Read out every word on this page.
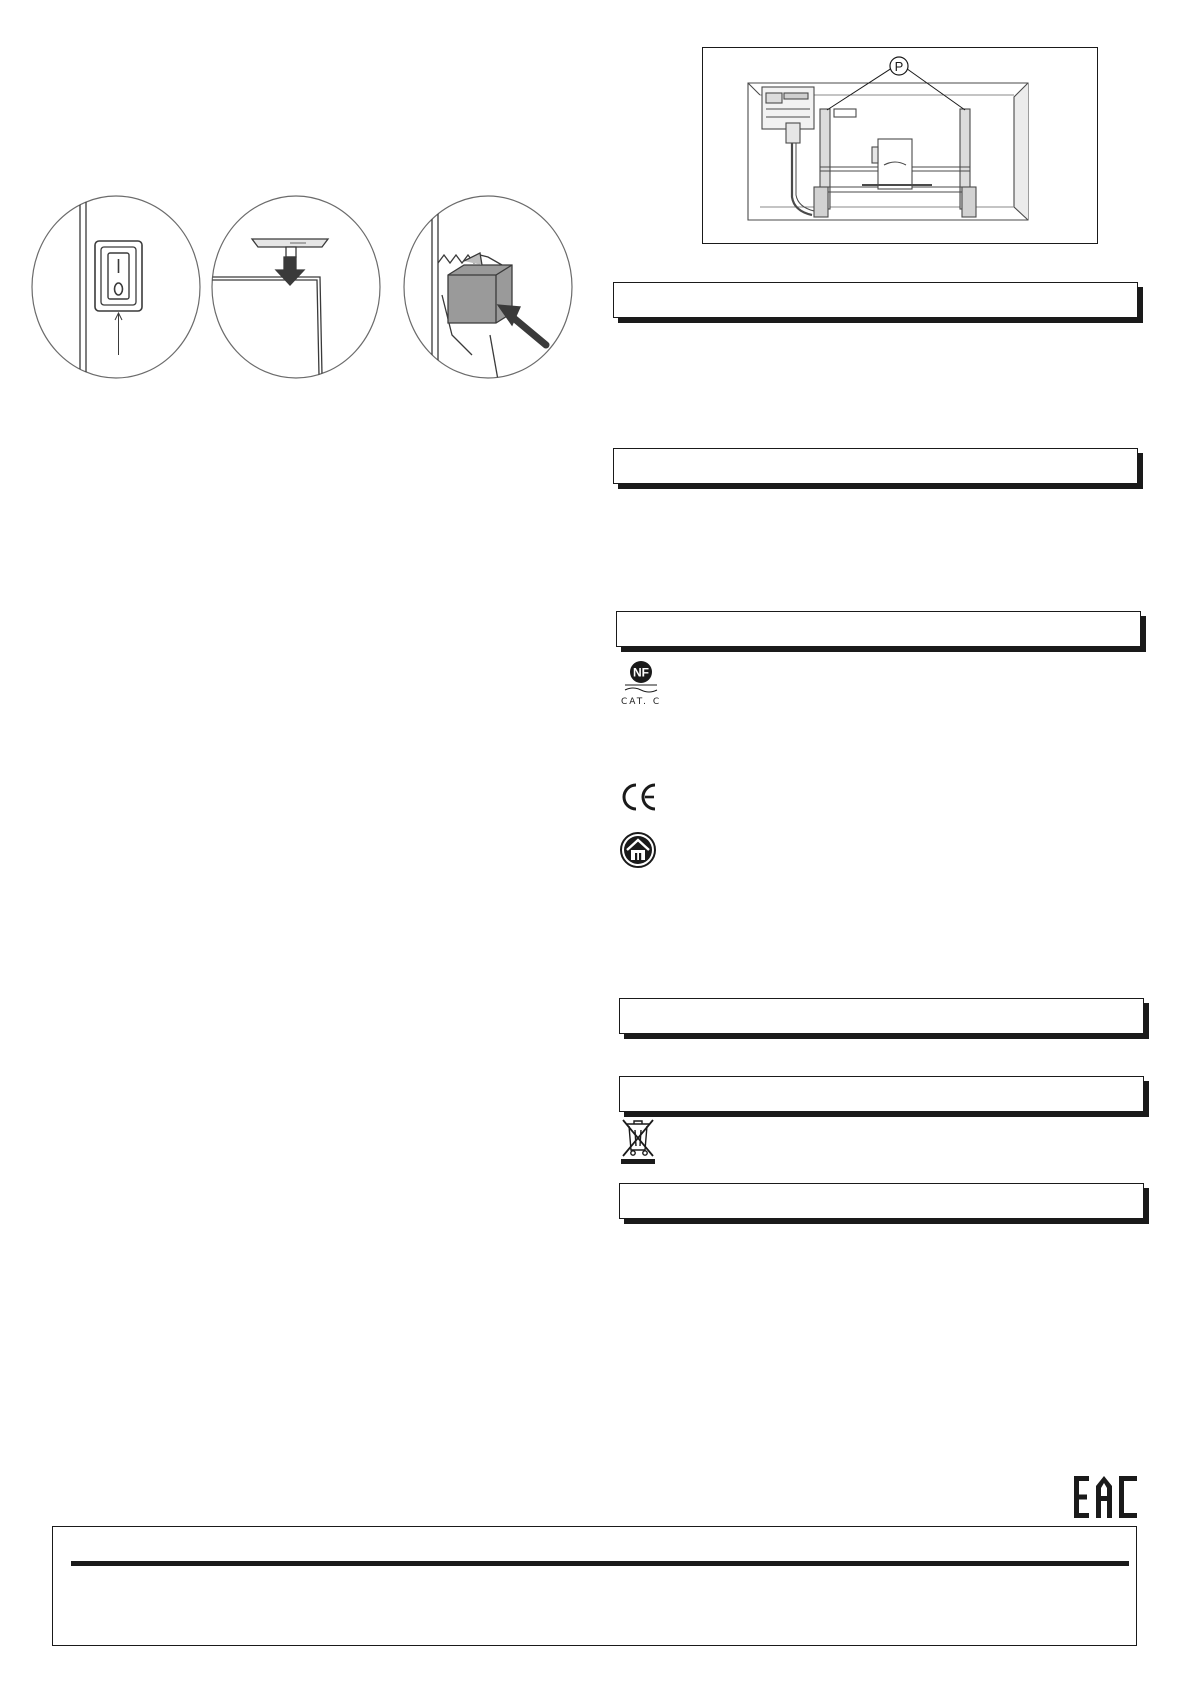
P
NF
CAT. C
